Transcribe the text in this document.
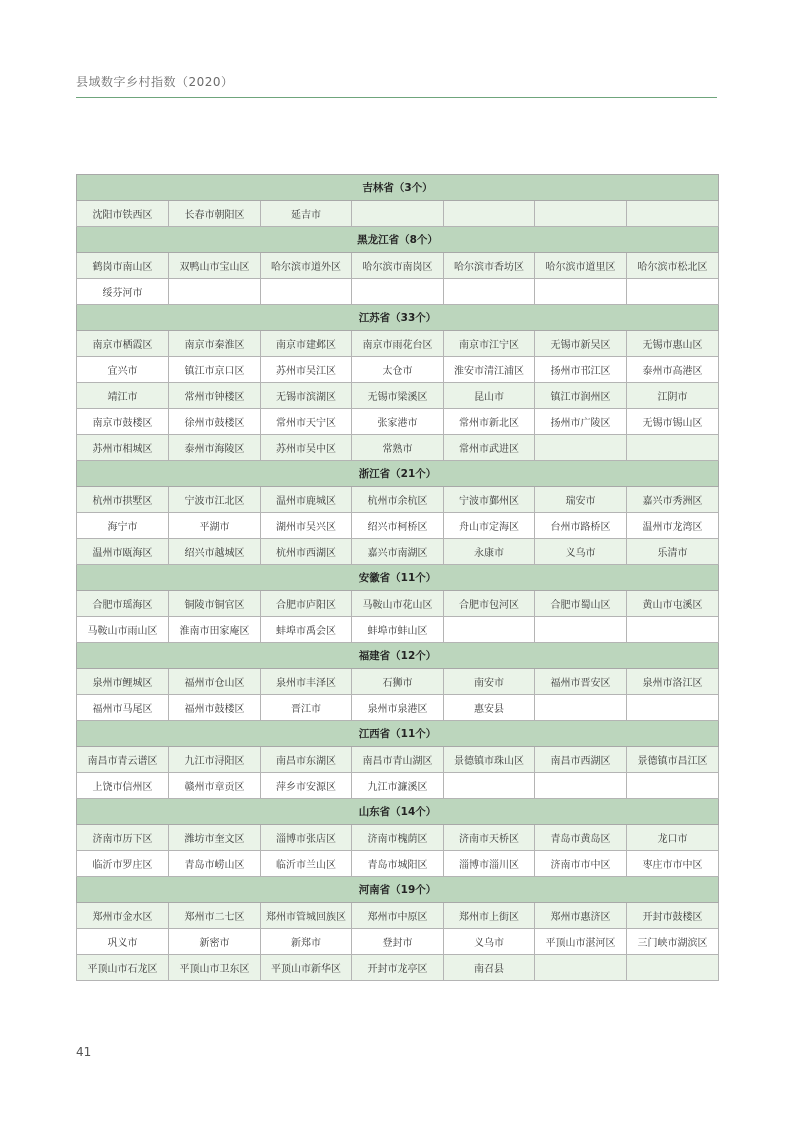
县域数字乡村指数（2020）
吉林省（3个）						
沈阳市铁西区	长春市朝阳区	延吉市				
黑龙江省（8个）						
鹤岗市南山区	双鸭山市宝山区	哈尔滨市道外区	哈尔滨市南岗区	哈尔滨市香坊区	哈尔滨市道里区	哈尔滨市松北区
绥芬河市						
江苏省（33个）						
南京市栖霞区	南京市秦淮区	南京市建邺区	南京市雨花台区	南京市江宁区	无锡市新吴区	无锡市惠山区
宜兴市	镇江市京口区	苏州市吴江区	太仓市	淮安市清江浦区	扬州市邗江区	泰州市高港区
靖江市	常州市钟楼区	无锡市滨湖区	无锡市梁溪区	昆山市	镇江市润州区	江阴市
南京市鼓楼区	徐州市鼓楼区	常州市天宁区	张家港市	常州市新北区	扬州市广陵区	无锡市锡山区
苏州市相城区	泰州市海陵区	苏州市吴中区	常熟市	常州市武进区		
浙江省（21个）						
杭州市拱墅区	宁波市江北区	温州市鹿城区	杭州市余杭区	宁波市鄞州区	瑞安市	嘉兴市秀洲区
海宁市	平湖市	湖州市吴兴区	绍兴市柯桥区	舟山市定海区	台州市路桥区	温州市龙湾区
温州市瓯海区	绍兴市越城区	杭州市西湖区	嘉兴市南湖区	永康市	义乌市	乐清市
安徽省（11个）						
合肥市瑶海区	铜陵市铜官区	合肥市庐阳区	马鞍山市花山区	合肥市包河区	合肥市蜀山区	黄山市屯溪区
马鞍山市雨山区	淮南市田家庵区	蚌埠市禹会区	蚌埠市蚌山区			
福建省（12个）						
泉州市鲤城区	福州市仓山区	泉州市丰泽区	石狮市	南安市	福州市晋安区	泉州市洛江区
福州市马尾区	福州市鼓楼区	晋江市	泉州市泉港区	惠安县		
江西省（11个）						
南昌市青云谱区	九江市浔阳区	南昌市东湖区	南昌市青山湖区	景德镇市珠山区	南昌市西湖区	景德镇市昌江区
上饶市信州区	赣州市章贡区	萍乡市安源区	九江市濂溪区			
山东省（14个）						
济南市历下区	潍坊市奎文区	淄博市张店区	济南市槐荫区	济南市天桥区	青岛市黄岛区	龙口市
临沂市罗庄区	青岛市崂山区	临沂市兰山区	青岛市城阳区	淄博市淄川区	济南市市中区	枣庄市市中区
河南省（19个）						
郑州市金水区	郑州市二七区	郑州市管城回族区	郑州市中原区	郑州市上街区	郑州市惠济区	开封市鼓楼区
巩义市	新密市	新郑市	登封市	义乌市	平顶山市湛河区	三门峡市湖滨区
平顶山市石龙区	平顶山市卫东区	平顶山市新华区	开封市龙亭区	南召县		
41
